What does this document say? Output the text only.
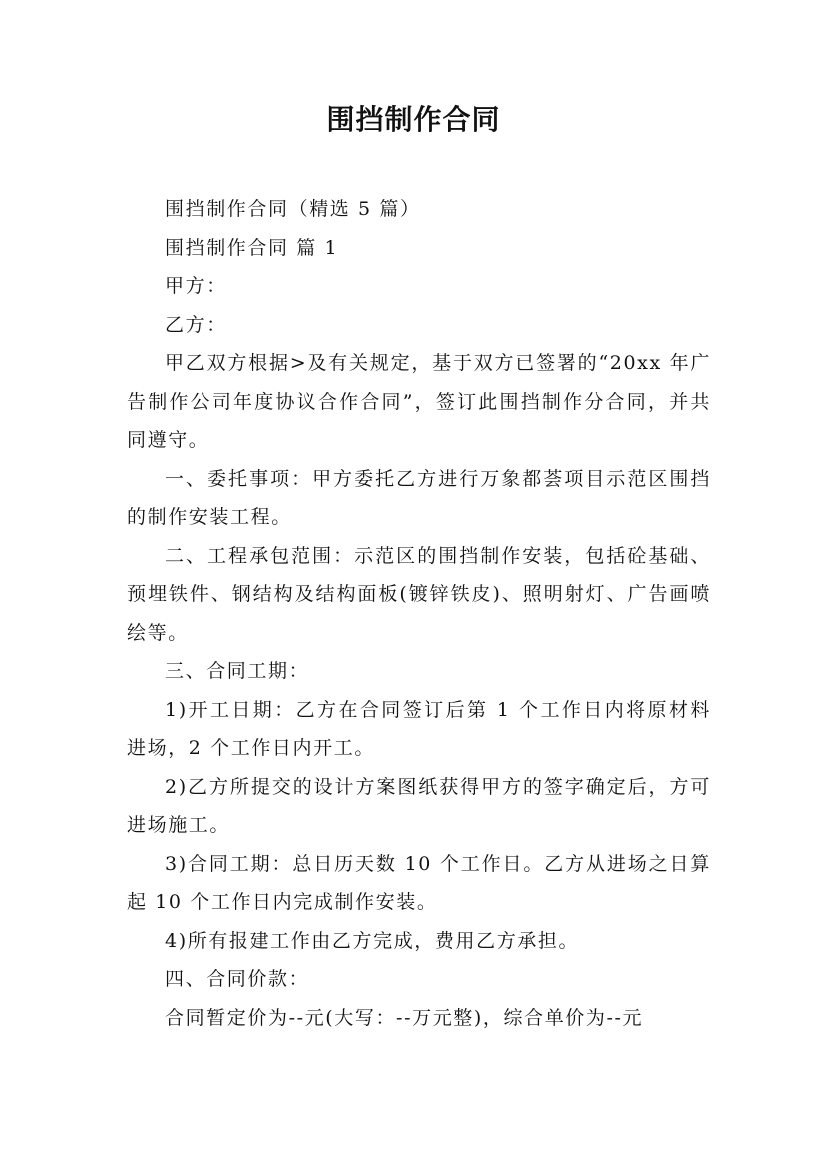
围挡制作合同

围挡制作合同（精选 5 篇）

围挡制作合同 篇 1

甲方：

乙方：

甲乙双方根据>及有关规定，基于双方已签署的“20xx 年广告制作公司年度协议合作合同”，签订此围挡制作分合同，并共同遵守。

一、委托事项：甲方委托乙方进行万象都荟项目示范区围挡的制作安装工程。

二、工程承包范围：示范区的围挡制作安装，包括砼基础、预埋铁件、钢结构及结构面板(镀锌铁皮)、照明射灯、广告画喷绘等。

三、合同工期：

1)开工日期：乙方在合同签订后第 1 个工作日内将原材料进场，2 个工作日内开工。

2)乙方所提交的设计方案图纸获得甲方的签字确定后，方可进场施工。

3)合同工期：总日历天数 10 个工作日。乙方从进场之日算起 10 个工作日内完成制作安装。

4)所有报建工作由乙方完成，费用乙方承担。

四、合同价款：

合同暂定价为--元(大写：--万元整)，综合单价为--元
